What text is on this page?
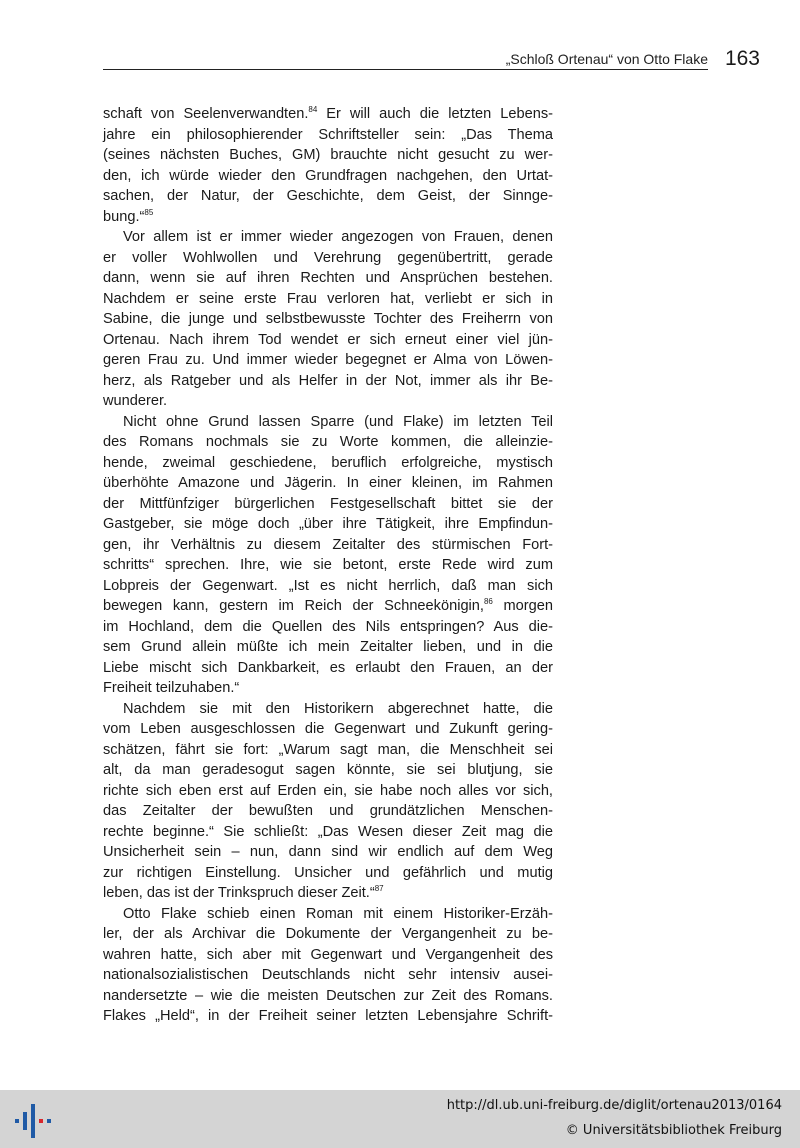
„Schloß Ortenau“ von Otto Flake 163
schaft von Seelenverwandten.$^{84}$ Er will auch die letzten Lebens-
jahre ein philosophierender Schriftsteller sein: „Das Thema
(seines nächsten Buches, GM) brauchte nicht gesucht zu wer-
den, ich würde wieder den Grundfragen nachgehen, den Urtat-
sachen, der Natur, der Geschichte, dem Geist, der Sinnge-
bung.“$^{85}$
Vor allem ist er immer wieder angezogen von Frauen, denen
er voller Wohlwollen und Verehrung gegenübertritt, gerade
dann, wenn sie auf ihren Rechten und Ansprüchen bestehen.
Nachdem er seine erste Frau verloren hat, verliebt er sich in
Sabine, die junge und selbstbewusste Tochter des Freiherrn von
Ortenau. Nach ihrem Tod wendet er sich erneut einer viel jün-
geren Frau zu. Und immer wieder begegnet er Alma von Löwen-
herz, als Ratgeber und als Helfer in der Not, immer als ihr Be-
wunderer.
Nicht ohne Grund lassen Sparre (und Flake) im letzten Teil
des Romans nochmals sie zu Worte kommen, die alleinzie-
hende, zweimal geschiedene, beruflich erfolgreiche, mystisch
überhöhte Amazone und Jägerin. In einer kleinen, im Rahmen
der Mittfünfziger bürgerlichen Festgesellschaft bittet sie der
Gastgeber, sie möge doch „über ihre Tätigkeit, ihre Empfindun-
gen, ihr Verhältnis zu diesem Zeitalter des stürmischen Fort-
schritts“ sprechen. Ihre, wie sie betont, erste Rede wird zum
Lobpreis der Gegenwart. „Ist es nicht herrlich, daß man sich
bewegen kann, gestern im Reich der Schneekönigin,$^{86}$ morgen
im Hochland, dem die Quellen des Nils entspringen? Aus die-
sem Grund allein müßte ich mein Zeitalter lieben, und in die
Liebe mischt sich Dankbarkeit, es erlaubt den Frauen, an der
Freiheit teilzuhaben.“
Nachdem sie mit den Historikern abgerechnet hatte, die
vom Leben ausgeschlossen die Gegenwart und Zukunft gering-
schätzen, fährt sie fort: „Warum sagt man, die Menschheit sei
alt, da man geradesogut sagen könnte, sie sei blutjung, sie
richte sich eben erst auf Erden ein, sie habe noch alles vor sich,
das Zeitalter der bewußten und grundätzlichen Menschen-
rechte beginne.“ Sie schließt: „Das Wesen dieser Zeit mag die
Unsicherheit sein – nun, dann sind wir endlich auf dem Weg
zur richtigen Einstellung. Unsicher und gefährlich und mutig
leben, das ist der Trinkspruch dieser Zeit.“$^{87}$
Otto Flake schieb einen Roman mit einem Historiker-Erzäh-
ler, der als Archivar die Dokumente der Vergangenheit zu be-
wahren hatte, sich aber mit Gegenwart und Vergangenheit des
nationalsozialistischen Deutschlands nicht sehr intensiv ausei-
nandersetzte – wie die meisten Deutschen zur Zeit des Romans.
Flakes „Held“, in der Freiheit seiner letzten Lebensjahre Schrift-
http://dl.ub.uni-freiburg.de/diglit/ortenau2013/0164
© Universitätsbibliothek Freiburg
